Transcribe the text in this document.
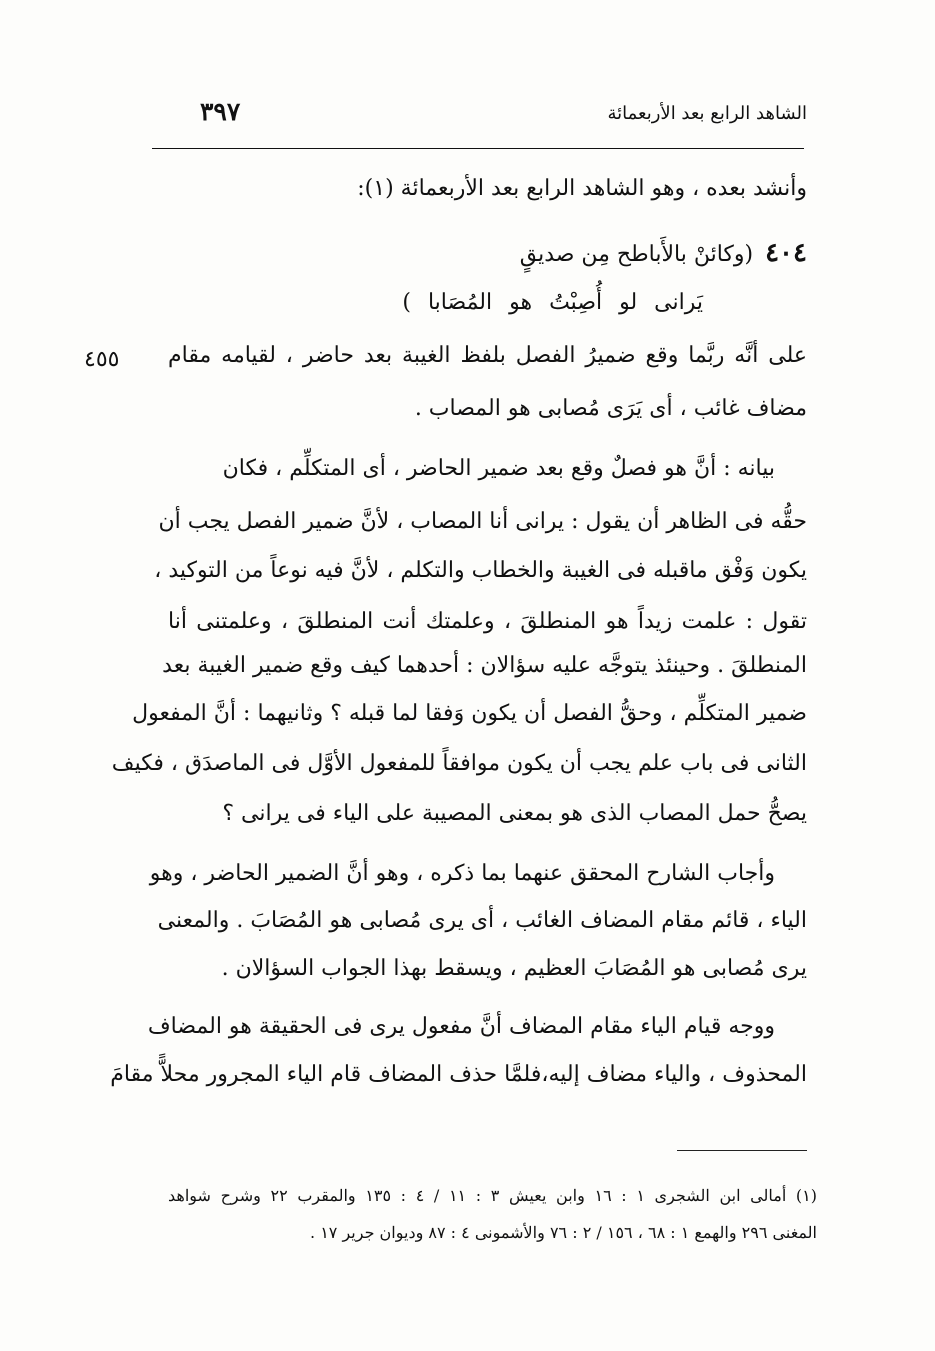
الشاهد الرابع بعد الأربعمائة
٣٩٧
وأنشد بعده ، وهو الشاهد الرابع بعد الأربعمائة (١):
٤٠٤(وكائنْ بالأَباطح مِن صديقٍ
يَرانى لو أُصِبْتُ هو المُصَابا )
٤٥٥ على أنَّه ربَّما وقع ضميرُ الفصل بلفظ الغيبة بعد حاضر ، لقيامه مقام
مضاف غائب ، أى يَرَى مُصابى هو المصاب .
بيانه : أنَّ هو فصلٌ وقع بعد ضمير الحاضر ، أى المتكلِّم ، فكان
حقُّه فى الظاهر أن يقول : يرانى أنا المصاب ، لأنَّ ضمير الفصل يجب أن
يكون وَفْق ماقبله فى الغيبة والخطاب والتكلم ، لأنَّ فيه نوعاً من التوكيد ،
تقول : علمت زيداً هو المنطلقَ ، وعلمتك أنت المنطلقَ ، وعلمتنى أنا
المنطلقَ . وحينئذ يتوجَّه عليه سؤالان : أحدهما كيف وقع ضمير الغيبة بعد
ضمير المتكلِّم ، وحقُّ الفصل أن يكون وَفقا لما قبله ؟ وثانيهما : أنَّ المفعول
الثانى فى باب علم يجب أن يكون موافقاً للمفعول الأوَّل فى الماصدَق ، فكيف
يصحُّ حمل المصاب الذى هو بمعنى المصيبة على الياء فى يرانى ؟
وأجاب الشارح المحقق عنهما بما ذكره ، وهو أنَّ الضمير الحاضر ، وهو
الياء ، قائم مقام المضاف الغائب ، أى يرى مُصابى هو المُصَابَ . والمعنى
يرى مُصابى هو المُصَابَ العظيم ، ويسقط بهذا الجواب السؤالان .
ووجه قيام الياء مقام المضاف أنَّ مفعول يرى فى الحقيقة هو المضاف
المحذوف ، والياء مضاف إليه،فلمَّا حذف المضاف قام الياء المجرور محلاًّ مقامَ
(١) أمالى ابن الشجرى ١ : ١٦ وابن يعيش ٣ : ١١ / ٤ : ١٣٥ والمقرب ٢٢ وشرح شواهد
المغنى ٢٩٦ والهمع ١ : ٦٨ ، ١٥٦ / ٢ : ٧٦ والأشمونى ٤ : ٨٧ وديوان جرير ١٧ .
